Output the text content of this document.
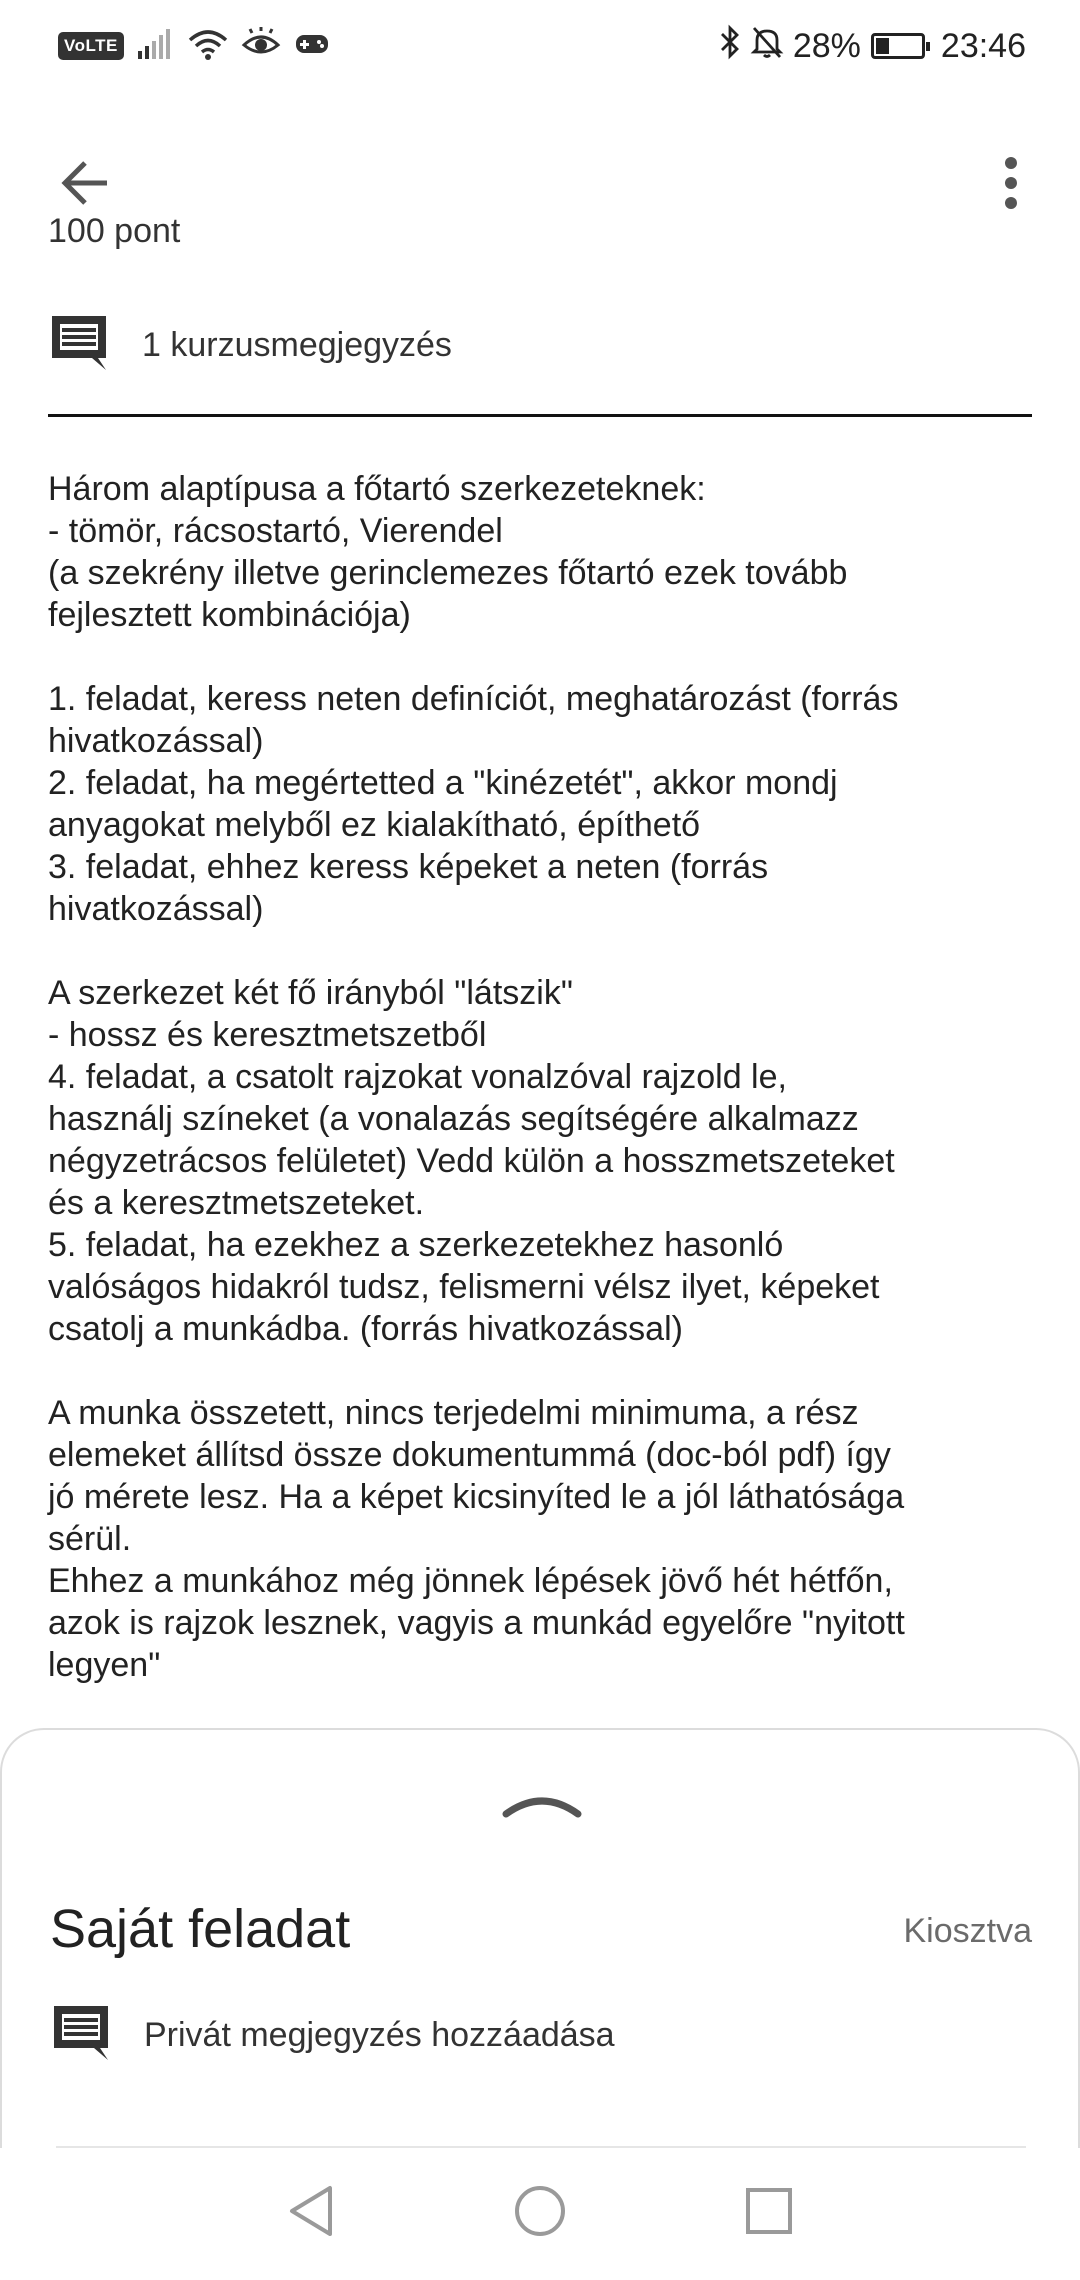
VoLTE	28% 23:46
100 pont
1 kurzusmegjegyzés
Három alaptípusa a főtartó szerkezeteknek:
- tömör, rácsostartó, Vierendel
(a szekrény illetve gerinclemezes főtartó ezek tovább
fejlesztett kombinációja)

1. feladat, keress neten definíciót, meghatározást (forrás
hivatkozással)
2. feladat, ha megértetted a "kinézetét", akkor mondj
anyagokat melyből ez kialakítható, építhető
3. feladat, ehhez keress képeket a neten (forrás
hivatkozással)

A szerkezet két fő irányból "látszik"
- hossz és keresztmetszetből
4. feladat, a csatolt rajzokat vonalzóval rajzold le,
használj színeket (a vonalazás segítségére alkalmazz
négyzetrácsos felületet) Vedd külön a hosszmetszeteket
és a keresztmetszeteket.
5. feladat, ha ezekhez a szerkezetekhez hasonló
valóságos hidakról tudsz, felismerni vélsz ilyet, képeket
csatolj a munkádba. (forrás hivatkozással)

A munka összetett, nincs terjedelmi minimuma, a rész
elemeket állítsd össze dokumentummá (doc-ból pdf) így
jó mérete lesz. Ha a képet kicsinyíted le a jól láthatósága
sérül.
Ehhez a munkához még jönnek lépések jövő hét hétfőn,
azok is rajzok lesznek, vagyis a munkád egyelőre "nyitott
legyen"
Saját feladat	Kiosztva
Privát megjegyzés hozzáadása
